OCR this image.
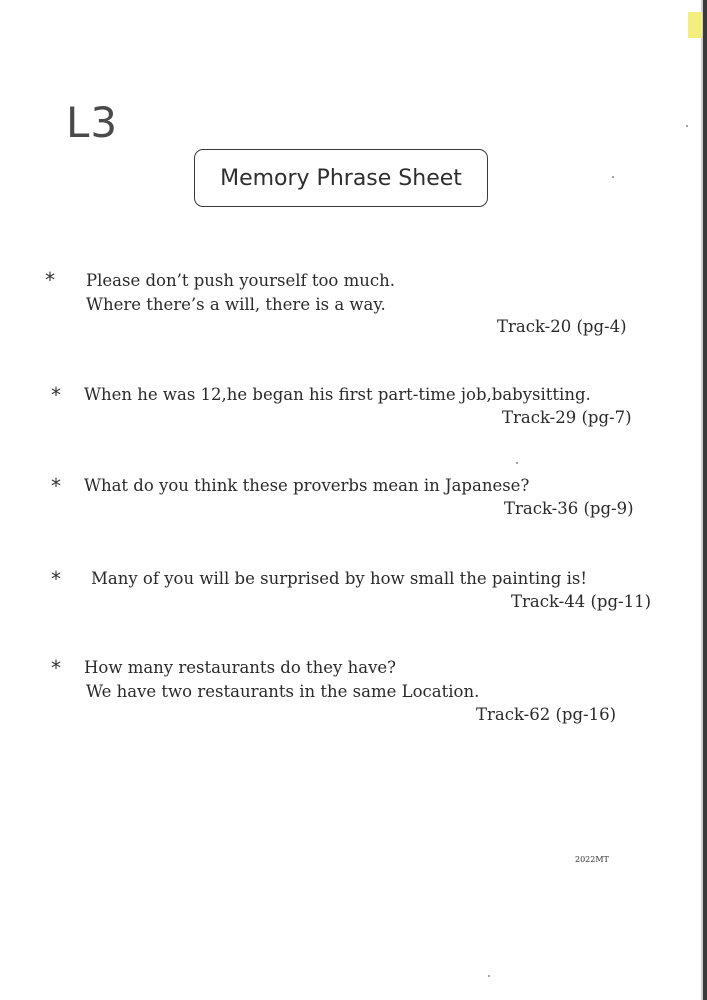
L3
Memory Phrase Sheet
* Please don’t push yourself too much.
Where there’s a will, there is a way.
Track-20 (pg-4)
* When he was 12,he began his first part-time job,babysitting.
Track-29 (pg-7)
* What do you think these proverbs mean in Japanese?
Track-36 (pg-9)
* Many of you will be surprised by how small the painting is!
Track-44 (pg-11)
* How many restaurants do they have?
We have two restaurants in the same Location.
Track-62 (pg-16)
2022MT
